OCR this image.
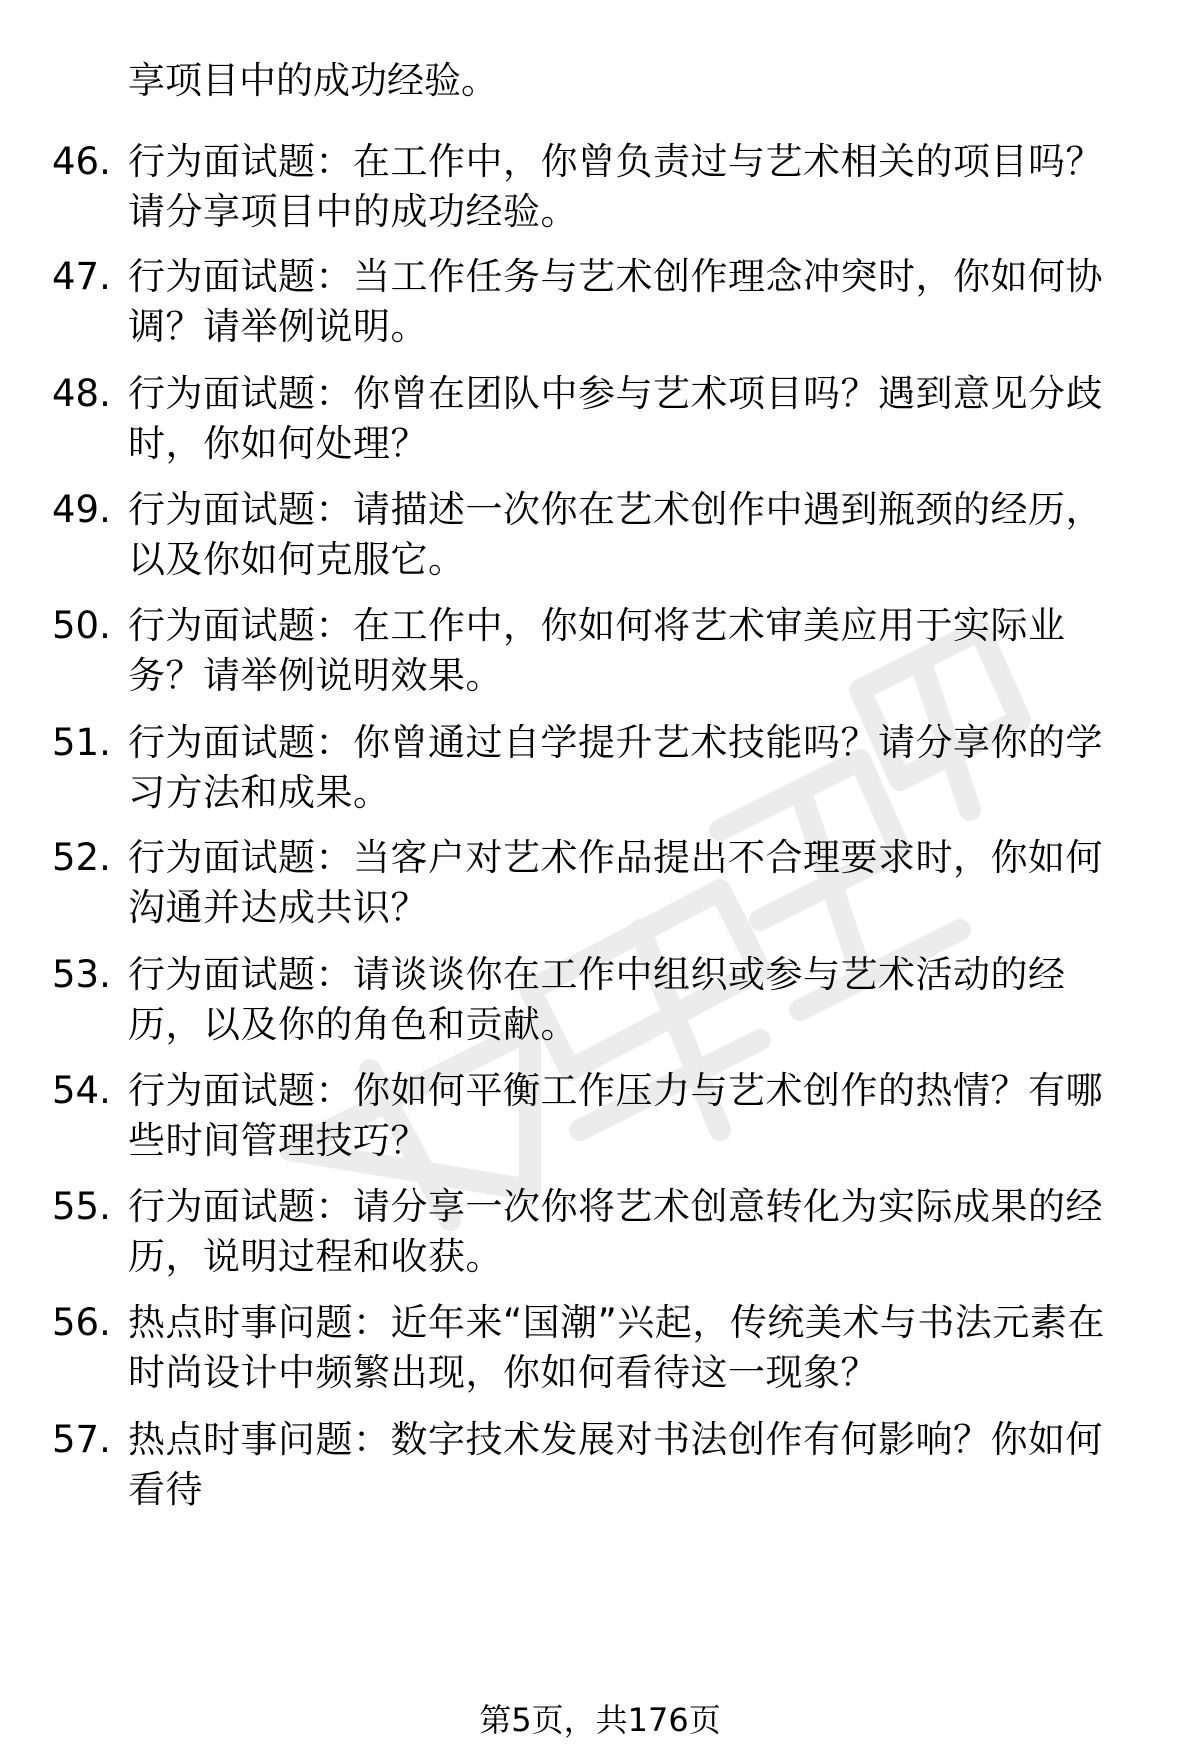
享项目中的成功经验。
46. 行为面试题：在工作中，你曾负责过与艺术相关的项目吗？请分享项目中的成功经验。
47. 行为面试题：当工作任务与艺术创作理念冲突时，你如何协调？请举例说明。
48. 行为面试题：你曾在团队中参与艺术项目吗？遇到意见分歧时，你如何处理？
49. 行为面试题：请描述一次你在艺术创作中遇到瓶颈的经历，以及你如何克服它。
50. 行为面试题：在工作中，你如何将艺术审美应用于实际业务？请举例说明效果。
51. 行为面试题：你曾通过自学提升艺术技能吗？请分享你的学习方法和成果。
52. 行为面试题：当客户对艺术作品提出不合理要求时，你如何沟通并达成共识？
53. 行为面试题：请谈谈你在工作中组织或参与艺术活动的经历，以及你的角色和贡献。
54. 行为面试题：你如何平衡工作压力与艺术创作的热情？有哪些时间管理技巧？
55. 行为面试题：请分享一次你将艺术创意转化为实际成果的经历，说明过程和收获。
56. 热点时事问题：近年来“国潮”兴起，传统美术与书法元素在时尚设计中频繁出现，你如何看待这一现象？
57. 热点时事问题：数字技术发展对书法创作有何影响？你如何看待
第5页，共176页
